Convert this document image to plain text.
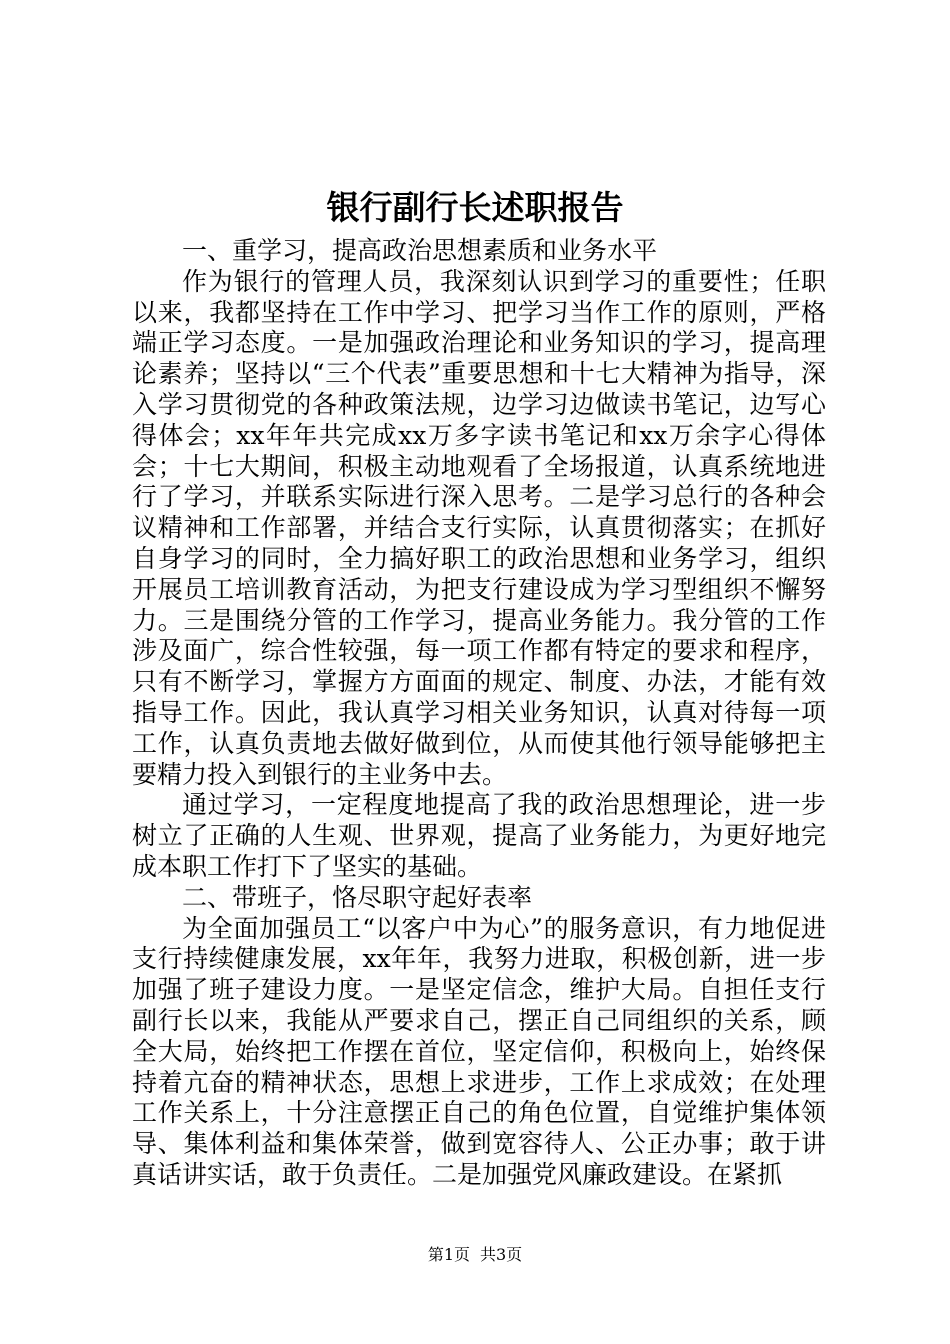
银行副行长述职报告

一、重学习，提高政治思想素质和业务水平

作为银行的管理人员，我深刻认识到学习的重要性；任职以来，我都坚持在工作中学习、把学习当作工作的原则，严格端正学习态度。一是加强政治理论和业务知识的学习，提高理论素养；坚持以“三个代表”重要思想和十七大精神为指导，深入学习贯彻党的各种政策法规，边学习边做读书笔记，边写心得体会；xx年年共完成xx万多字读书笔记和xx万余字心得体会；十七大期间，积极主动地观看了全场报道，认真系统地进行了学习，并联系实际进行深入思考。二是学习总行的各种会议精神和工作部署，并结合支行实际，认真贯彻落实；在抓好自身学习的同时，全力搞好职工的政治思想和业务学习，组织开展员工培训教育活动，为把支行建设成为学习型组织不懈努力。三是围绕分管的工作学习，提高业务能力。我分管的工作涉及面广，综合性较强，每一项工作都有特定的要求和程序，只有不断学习，掌握方方面面的规定、制度、办法，才能有效指导工作。因此，我认真学习相关业务知识，认真对待每一项工作，认真负责地去做好做到位，从而使其他行领导能够把主要精力投入到银行的主业务中去。

通过学习，一定程度地提高了我的政治思想理论，进一步树立了正确的人生观、世界观，提高了业务能力，为更好地完成本职工作打下了坚实的基础。

二、带班子，恪尽职守起好表率

为全面加强员工“以客户中为心”的服务意识，有力地促进支行持续健康发展，xx年年，我努力进取，积极创新，进一步加强了班子建设力度。一是坚定信念，维护大局。自担任支行副行长以来，我能从严要求自己，摆正自己同组织的关系，顾全大局，始终把工作摆在首位，坚定信仰，积极向上，始终保持着亢奋的精神状态，思想上求进步，工作上求成效；在处理工作关系上，十分注意摆正自己的角色位置，自觉维护集体领导、集体利益和集体荣誉，做到宽容待人、公正办事；敢于讲真话讲实话，敢于负责任。二是加强党风廉政建设。在紧抓

第1页 共3页
